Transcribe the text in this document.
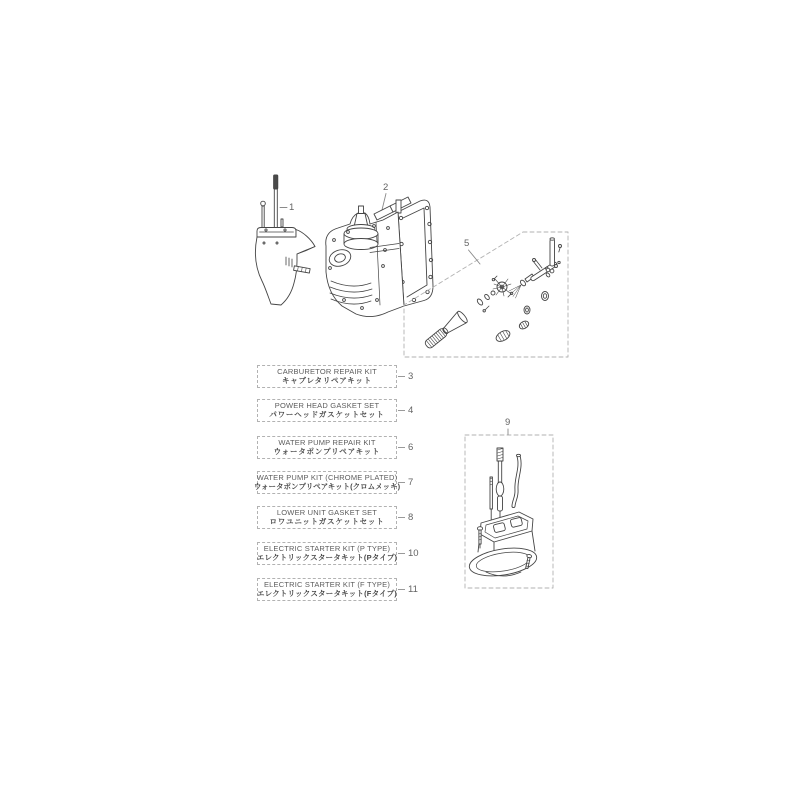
1
2
5
9
CARBURETOR REPAIR KIT
キャブレタリペアキット	3
POWER HEAD GASKET SET
パワーヘッドガスケットセット 4
WATER PUMP REPAIR KIT
ウォータポンプリペアキット	6
WATER PUMP KIT (CHROME PLATED)
ウォータポンプリペアキット(クロムメッキ) 7
LOWER UNIT GASKET SET
ロワユニットガスケットセット 8
ELECTRIC STARTER KIT (P TYPE)
エレクトリックスタータキット(Pタイプ) 10
ELECTRIC STARTER KIT (F TYPE)
エレクトリックスタータキット(Fタイプ) 11
